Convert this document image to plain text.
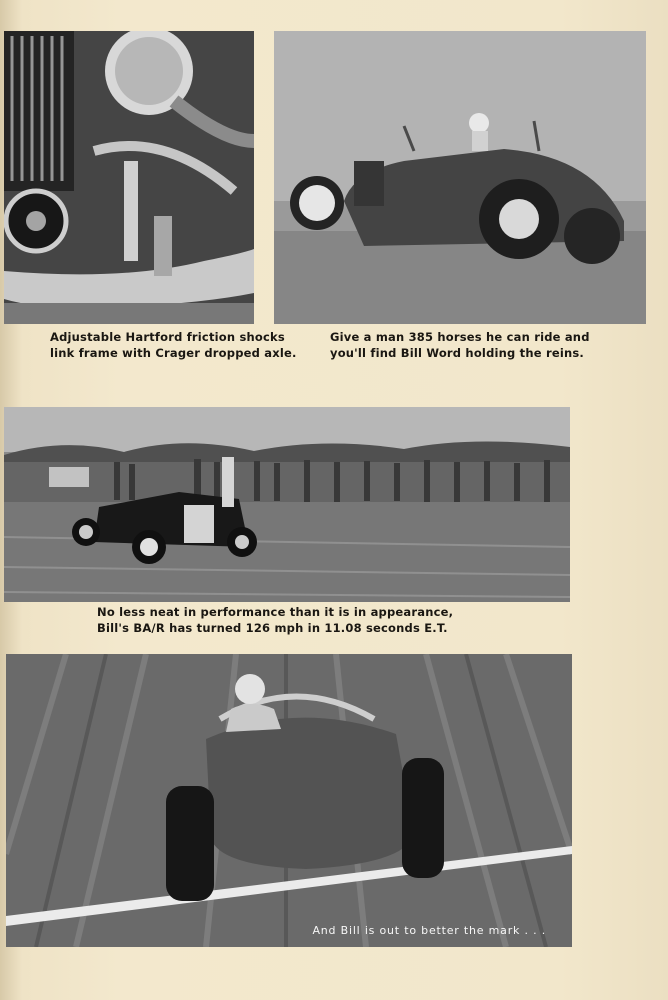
Adjustable Hartford friction shocks
link frame with Crager dropped axle.
Give a man 385 horses he can ride and
you'll find Bill Word holding the reins.
No less neat in performance than it is in appearance,
Bill's BA/R has turned 126 mph in 11.08 seconds E.T.
And Bill is out to better the mark . . .
